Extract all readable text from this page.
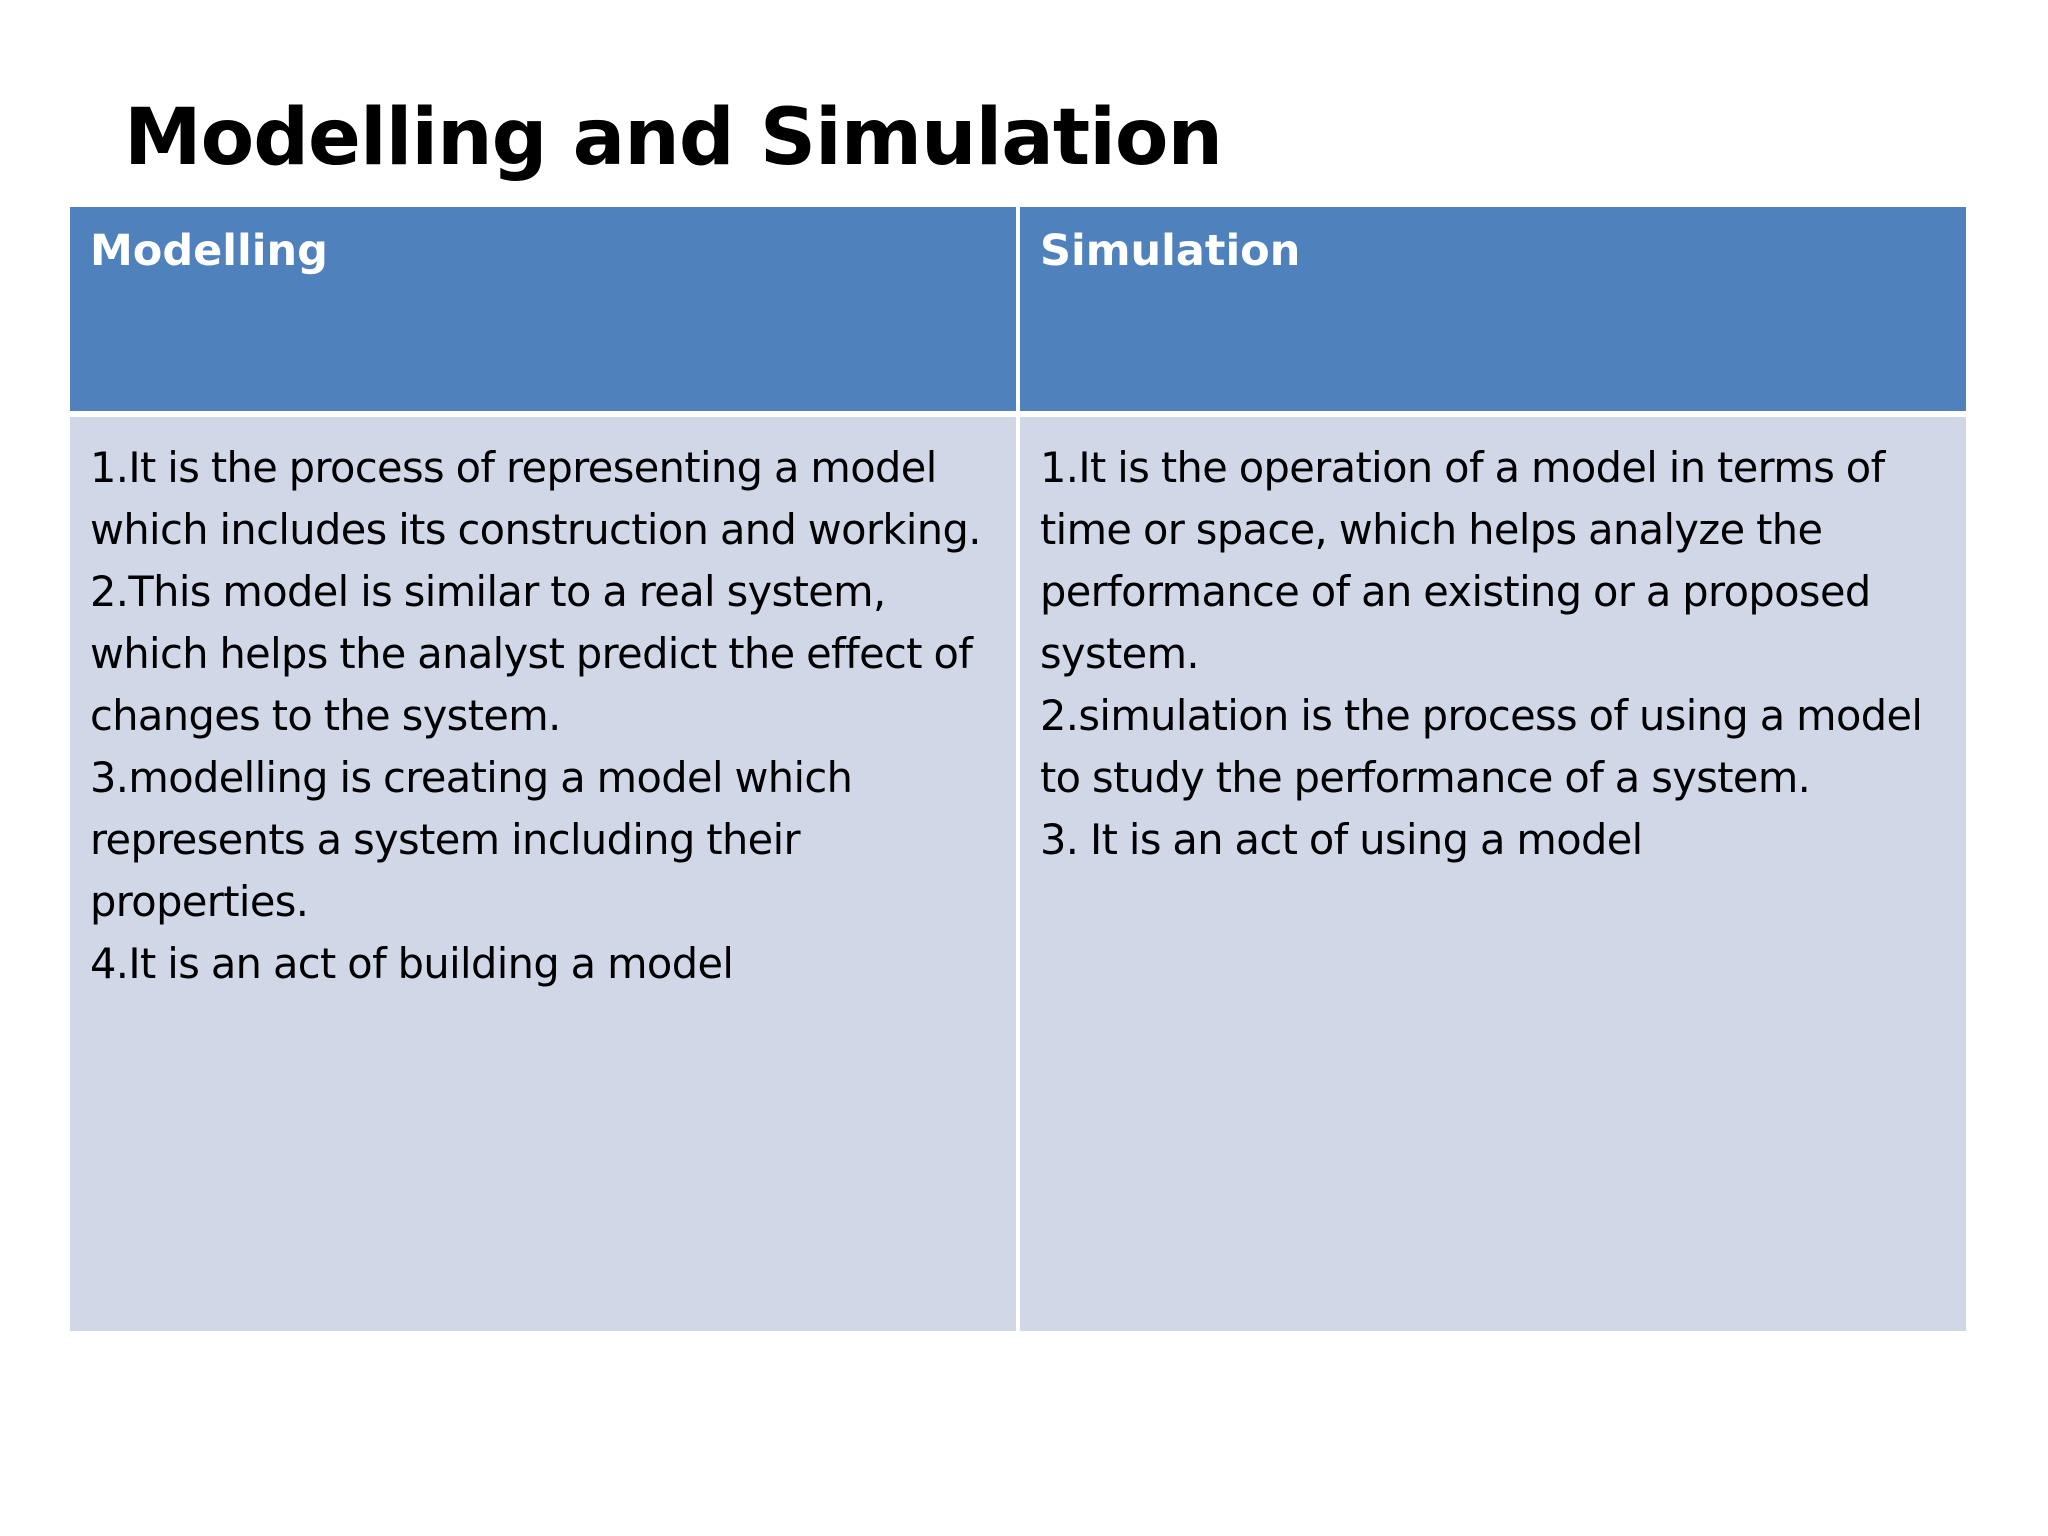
Modelling and Simulation
Modelling	Simulation
1.It is the process of representing a model which includes its construction and working.
2.This model is similar to a real system, which helps the analyst predict the effect of changes to the system.
3.modelling is creating a model which represents a system including their properties.
4.It is an act of building a model
1.It is the operation of a model in terms of time or space, which helps analyze the performance of an existing or a proposed system.
2.simulation is the process of using a model to study the performance of a system.
3. It is an act of using a model
